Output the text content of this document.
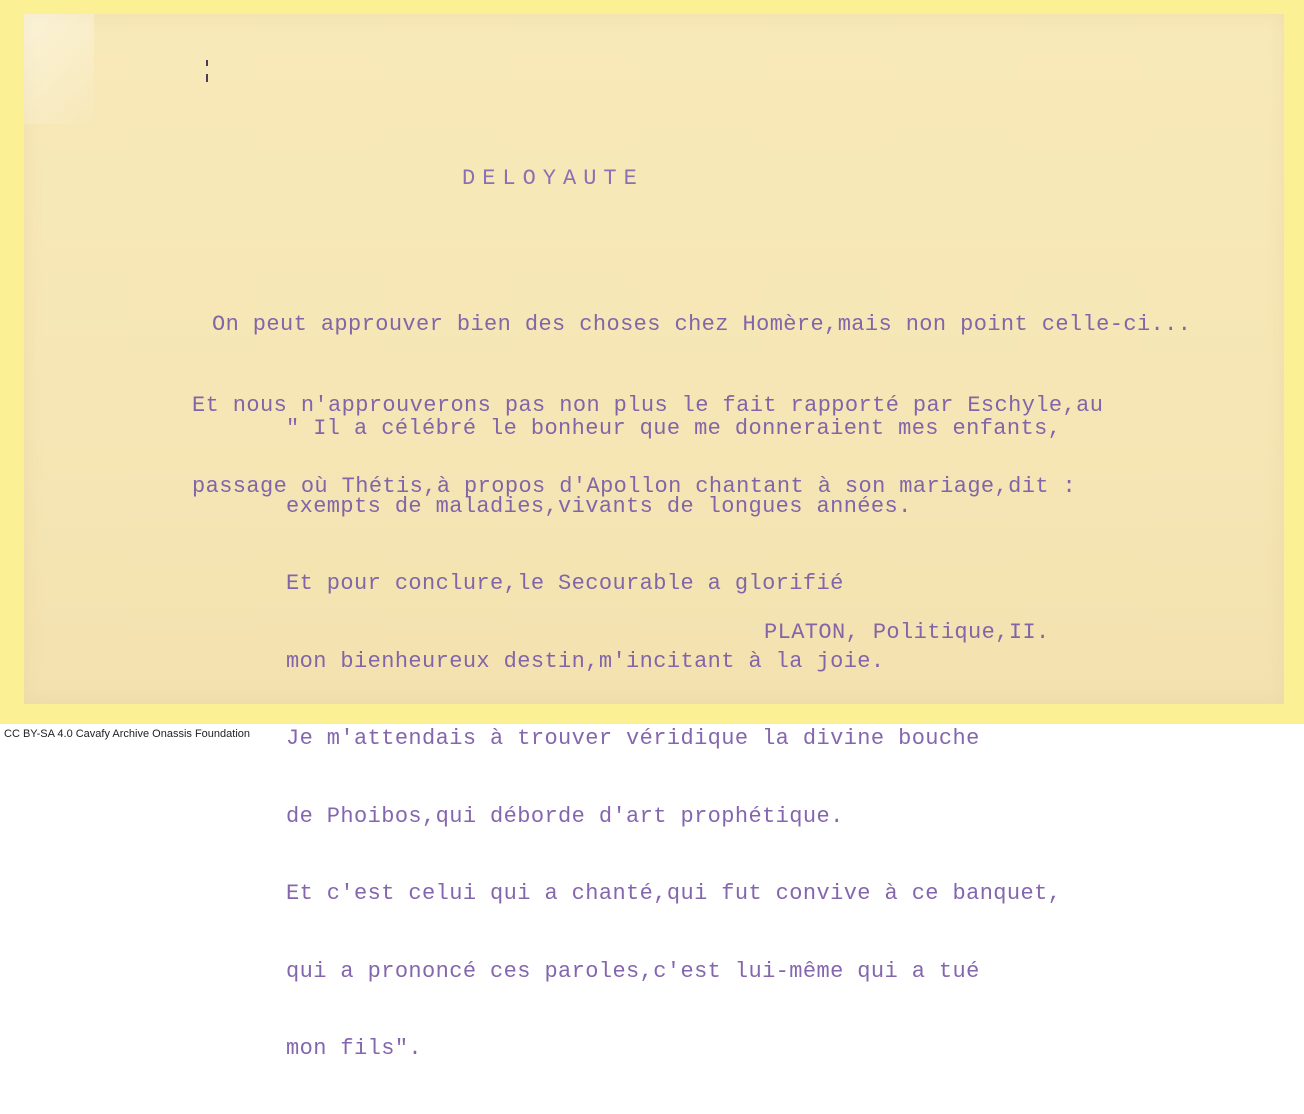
DELOYAUTE

On peut approuver bien des choses chez Homère,mais non point celle-ci...

Et nous n'approuverons pas non plus le fait rapporté par Eschyle,au

passage où Thétis,à propos d'Apollon chantant à son mariage,dit :

" Il a célébré le bonheur que me donneraient mes enfants,

exempts de maladies,vivants de longues années.

Et pour conclure,le Secourable a glorifié

mon bienheureux destin,m'incitant à la joie.

Je m'attendais à trouver véridique la divine bouche

de Phoibos,qui déborde d'art prophétique.

Et c'est celui qui a chanté,qui fut convive à ce banquet,

qui a prononcé ces paroles,c'est lui-même qui a tué

mon fils".

PLATON, Politique,II.
CC BY-SA 4.0 Cavafy Archive Onassis Foundation
